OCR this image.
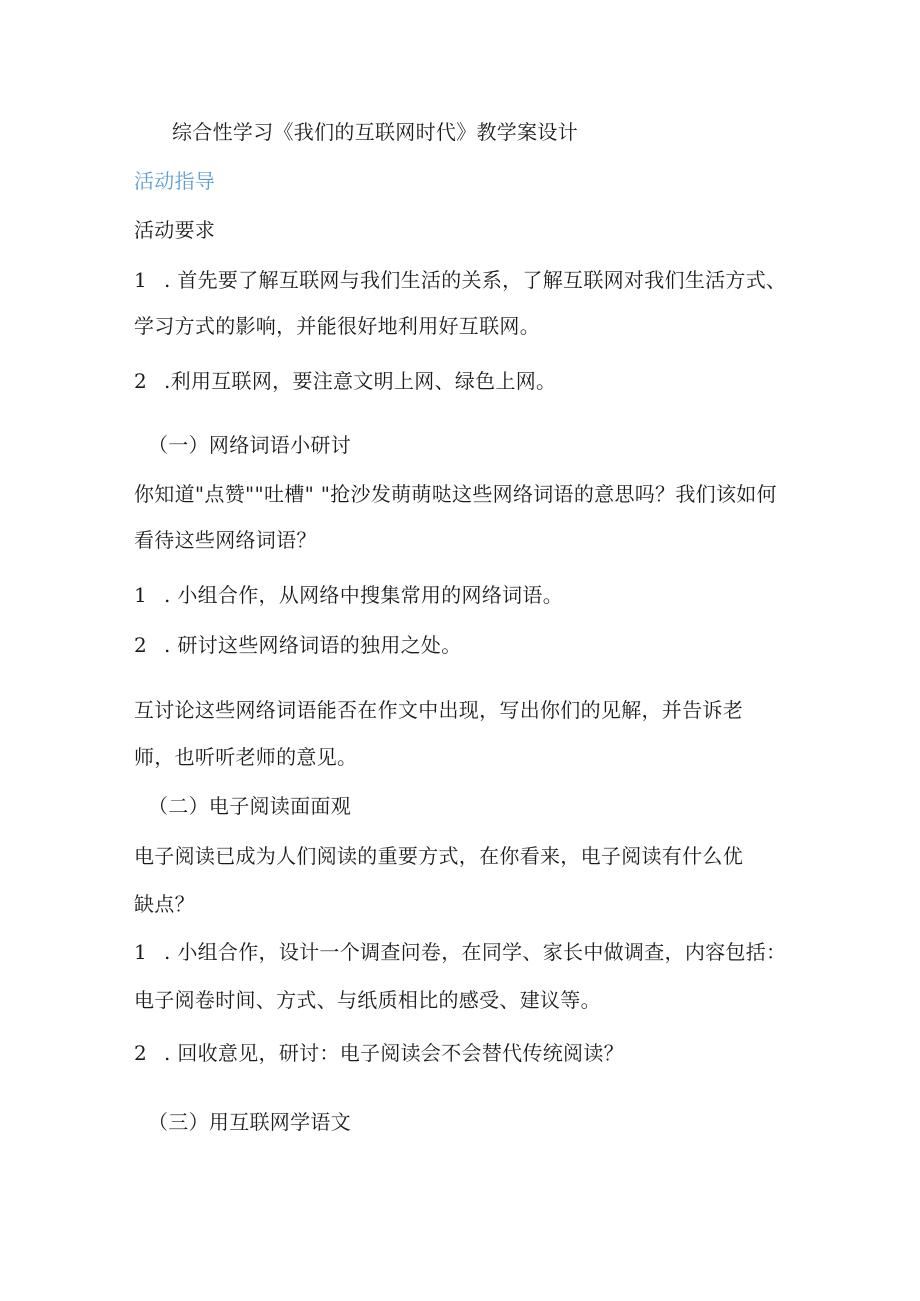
综合性学习《我们的互联网时代》教学案设计
活动指导
活动要求
1 . 首先要了解互联网与我们生活的关系，了解互联网对我们生活方式、
学习方式的影响，并能很好地利用好互联网。
2 .利用互联网，要注意文明上网、绿色上网。
（一）网络词语小研讨
你知道"点赞""吐槽" "抢沙发萌萌哒这些网络词语的意思吗？我们该如何
看待这些网络词语？
1 . 小组合作，从网络中搜集常用的网络词语。
2 . 研讨这些网络词语的独用之处。
互讨论这些网络词语能否在作文中出现，写出你们的见解，并告诉老
师，也听听老师的意见。
（二）电子阅读面面观
电子阅读已成为人们阅读的重要方式，在你看来，电子阅读有什么优
缺点？
1 . 小组合作，设计一个调查问卷，在同学、家长中做调查，内容包括：
电子阅卷时间、方式、与纸质相比的感受、建议等。
2 . 回收意见，研讨：电子阅读会不会替代传统阅读？
（三）用互联网学语文
